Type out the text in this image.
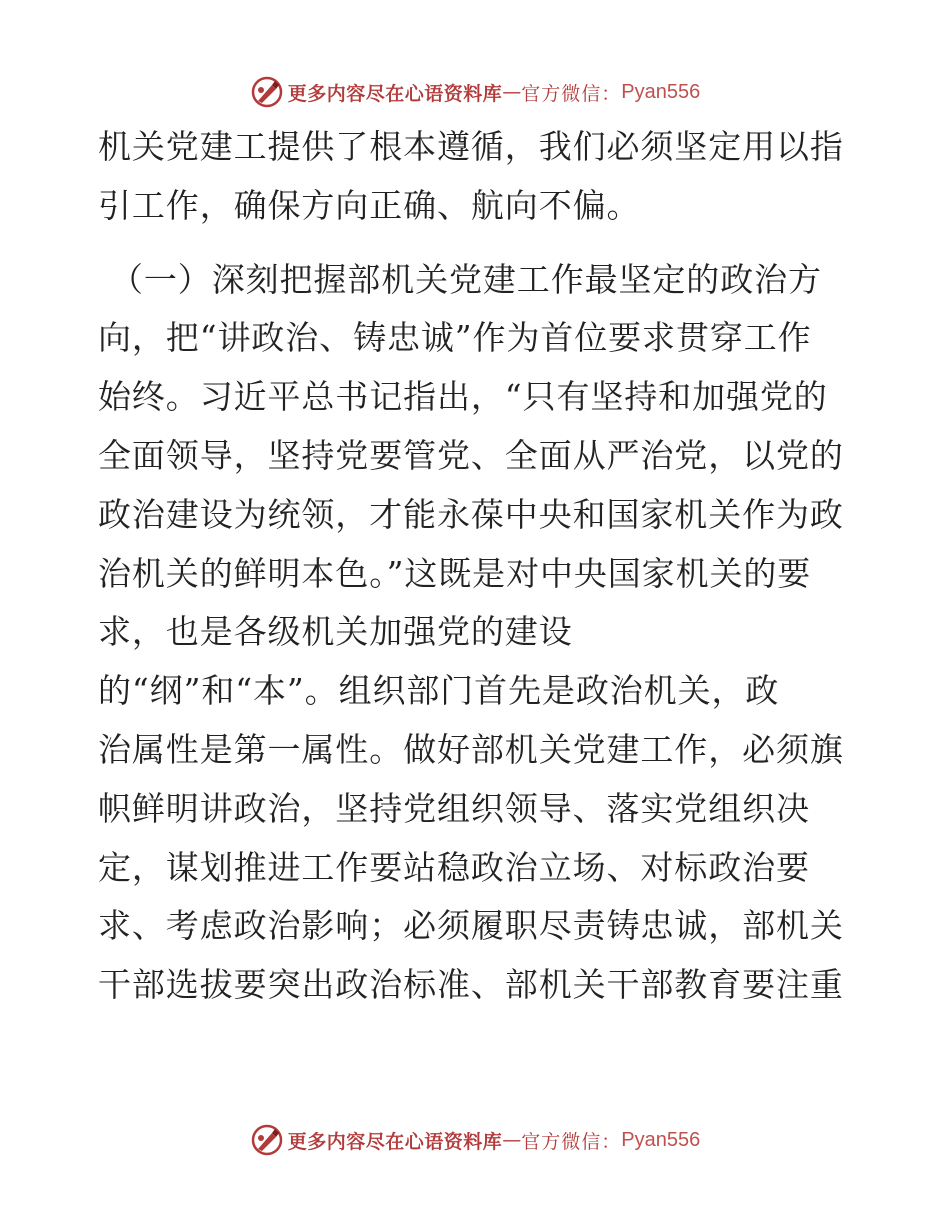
更多内容尽在心语资料库 — 官方微信： Pyan556
机关党建工提供了根本遵循，我们必须坚定用以指
引工作，确保方向正确、航向不偏。
（一）深刻把握部机关党建工作最坚定的政治方
向，把“讲政治、铸忠诚”作为首位要求贯穿工作
始终。习近平总书记指出，“只有坚持和加强党的
全面领导，坚持党要管党、全面从严治党，以党的
政治建设为统领，才能永葆中央和国家机关作为政
治机关的鲜明本色。”这既是对中央国家机关的要
求，也是各级机关加强党的建设
的“纲”和“本”。组织部门首先是政治机关，政
治属性是第一属性。做好部机关党建工作，必须旗
帜鲜明讲政治，坚持党组织领导、落实党组织决
定，谋划推进工作要站稳政治立场、对标政治要
求、考虑政治影响；必须履职尽责铸忠诚，部机关
干部选拔要突出政治标准、部机关干部教育要注重
更多内容尽在心语资料库 — 官方微信： Pyan556
